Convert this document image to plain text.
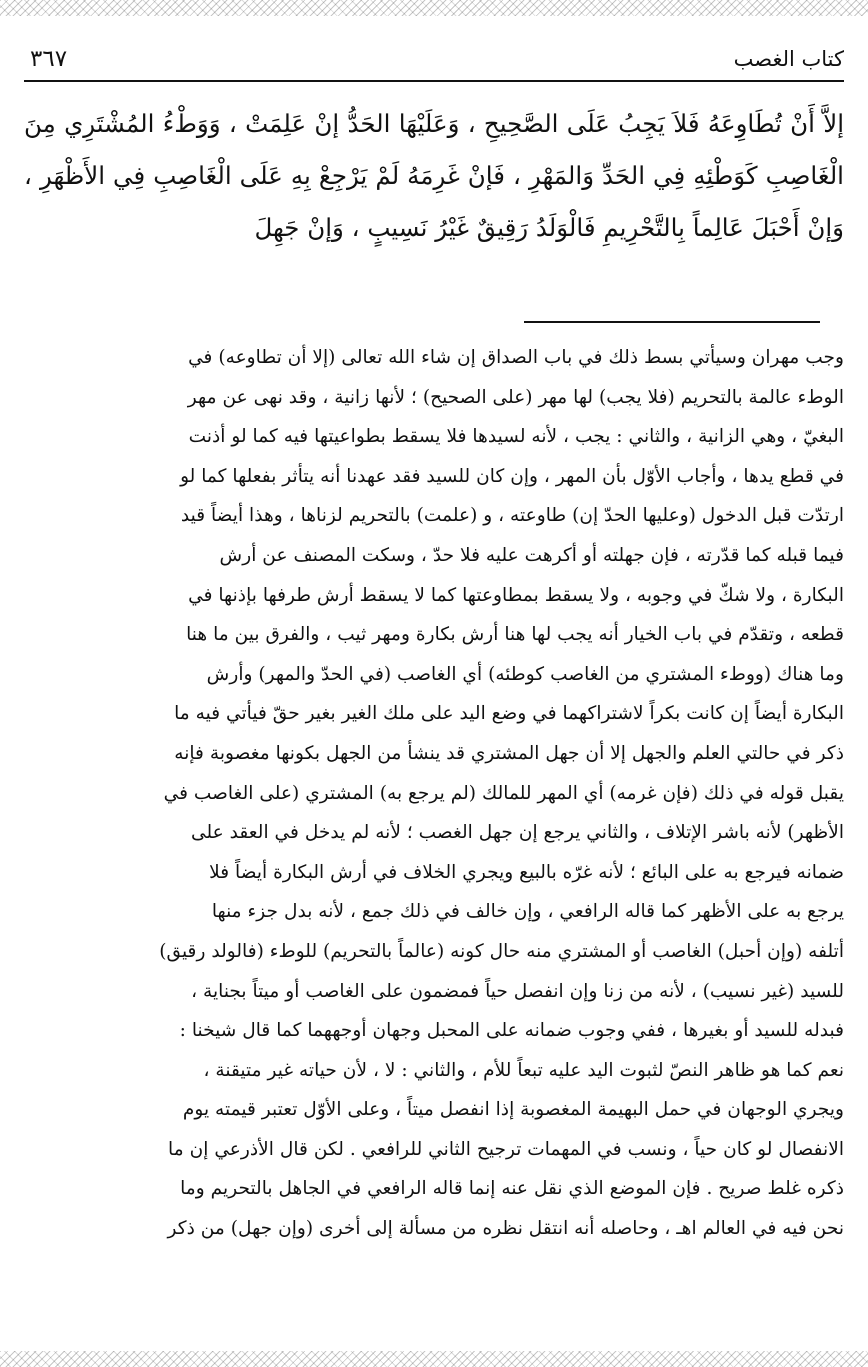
كتاب الغصب
٣٦٧

إلاَّ أَنْ تُطَاوِعَهُ فَلاَ يَجِبُ عَلَى الصَّحِيحِ ، وَعَلَيْهَا الحَدُّ إنْ عَلِمَتْ ، وَوَطْءُ المُشْتَرِي مِنَ الْغَاصِبِ كَوَطْئِهِ فِي الحَدِّ وَالمَهْرِ ، فَإنْ غَرِمَهُ لَمْ يَرْجِعْ بِهِ عَلَى الْغَاصِبِ فِي الأَظْهَرِ ، وَإنْ أَحْبَلَ عَالِماً بِالتَّحْرِيمِ فَالْوَلَدُ رَقِيقٌ غَيْرُ نَسِيبٍ ، وَإنْ جَهِلَ

وجب مهران وسيأتي بسط ذلك في باب الصداق إن شاء الله تعالى (إلا أن تطاوعه) في
الوطء عالمة بالتحريم (فلا يجب) لها مهر (على الصحيح) ؛ لأنها زانية ، وقد نهى عن مهر
البغيّ ، وهي الزانية ، والثاني : يجب ، لأنه لسيدها فلا يسقط بطواعيتها فيه كما لو أذنت
في قطع يدها ، وأجاب الأوّل بأن المهر ، وإن كان للسيد فقد عهدنا أنه يتأثر بفعلها كما لو
ارتدّت قبل الدخول (وعليها الحدّ إن) طاوعته ، و (علمت) بالتحريم لزناها ، وهذا أيضاً قيد
فيما قبله كما قدّرته ، فإن جهلته أو أكرهت عليه فلا حدّ ، وسكت المصنف عن أرش
البكارة ، ولا شكّ في وجوبه ، ولا يسقط بمطاوعتها كما لا يسقط أرش طرفها بإذنها في
قطعه ، وتقدّم في باب الخيار أنه يجب لها هنا أرش بكارة ومهر ثيب ، والفرق بين ما هنا
وما هناك (ووطء المشتري من الغاصب كوطئه) أي الغاصب (في الحدّ والمهر) وأرش
البكارة أيضاً إن كانت بكراً لاشتراكهما في وضع اليد على ملك الغير بغير حقّ فيأتي فيه ما
ذكر في حالتي العلم والجهل إلا أن جهل المشتري قد ينشأ من الجهل بكونها مغصوبة فإنه
يقبل قوله في ذلك (فإن غرمه) أي المهر للمالك (لم يرجع به) المشتري (على الغاصب في
الأظهر) لأنه باشر الإتلاف ، والثاني يرجع إن جهل الغصب ؛ لأنه لم يدخل في العقد على
ضمانه فيرجع به على البائع ؛ لأنه غرّه بالبيع ويجري الخلاف في أرش البكارة أيضاً فلا
يرجع به على الأظهر كما قاله الرافعي ، وإن خالف في ذلك جمع ، لأنه بدل جزء منها
أتلفه (وإن أحبل) الغاصب أو المشتري منه حال كونه (عالماً بالتحريم) للوطء (فالولد رقيق)
للسيد (غير نسيب) ، لأنه من زنا وإن انفصل حياً فمضمون على الغاصب أو ميتاً بجناية ،
فبدله للسيد أو بغيرها ، ففي وجوب ضمانه على المحبل وجهان أوجههما كما قال شيخنا :
نعم كما هو ظاهر النصّ لثبوت اليد عليه تبعاً للأم ، والثاني : لا ، لأن حياته غير متيقنة ،
ويجري الوجهان في حمل البهيمة المغصوبة إذا انفصل ميتاً ، وعلى الأوّل تعتبر قيمته يوم
الانفصال لو كان حياً ، ونسب في المهمات ترجيح الثاني للرافعي . لكن قال الأذرعي إن ما
ذكره غلط صريح . فإن الموضع الذي نقل عنه إنما قاله الرافعي في الجاهل بالتحريم وما
نحن فيه في العالم اهـ ، وحاصله أنه انتقل نظره من مسألة إلى أخرى (وإن جهل) من ذكر
